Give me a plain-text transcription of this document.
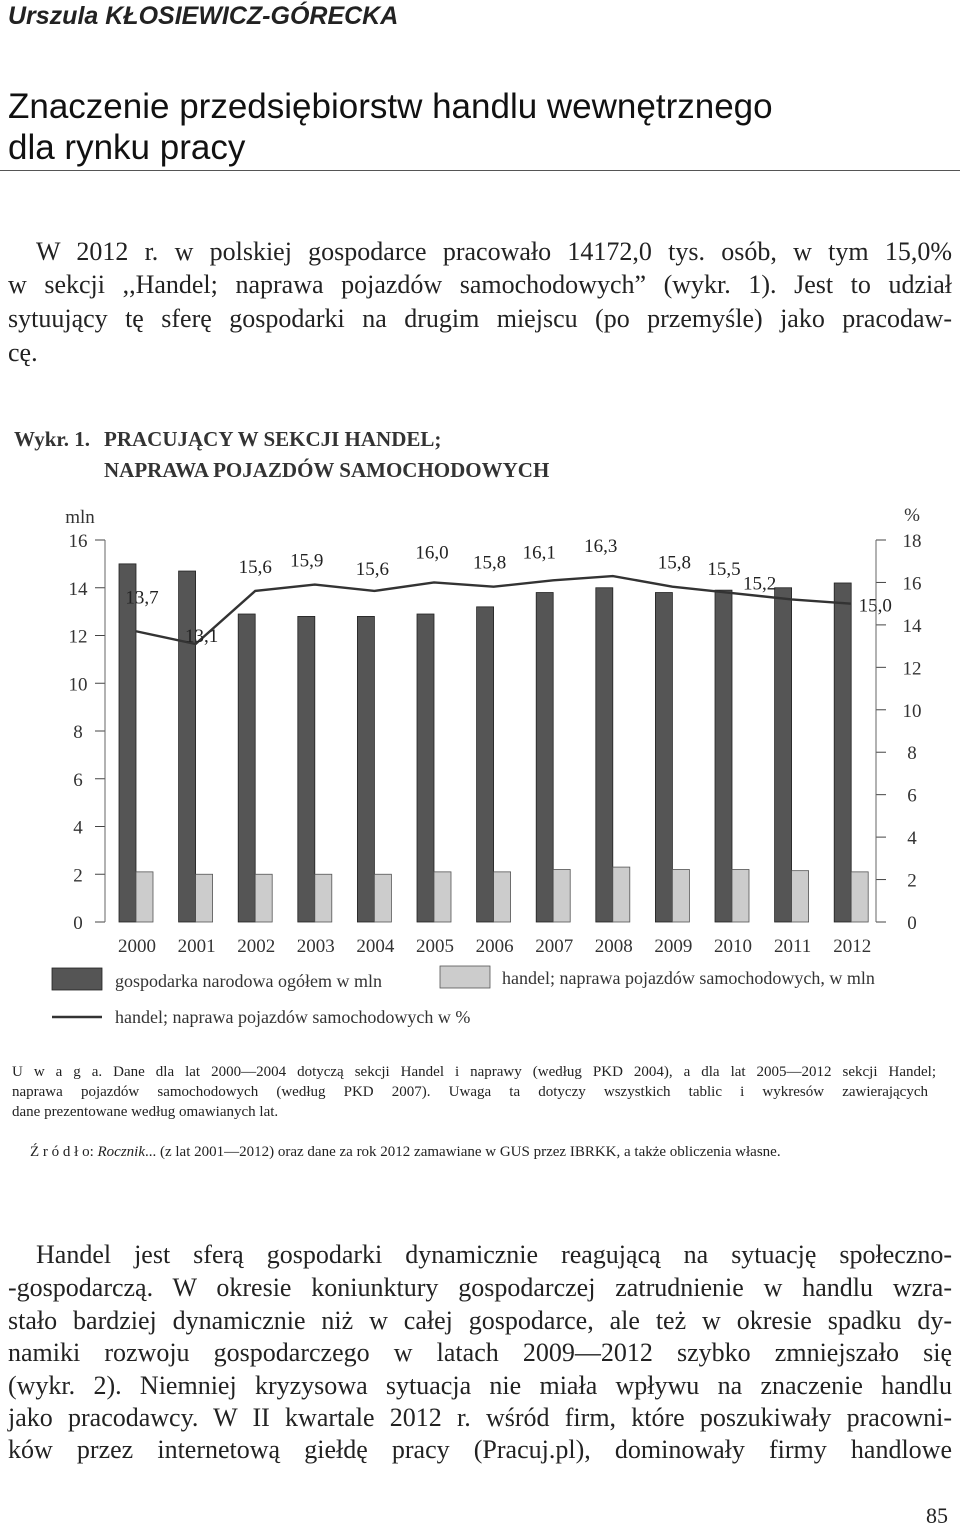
Urszula KŁOSIEWICZ-GÓRECKA
Znaczenie przedsiębiorstw handlu wewnętrznego
dla rynku pracy
W 2012 r. w polskiej gospodarce pracowało 14172,0 tys. osób, w tym 15,0%
w sekcji ,,Handel; naprawa pojazdów samochodowych” (wykr. 1). Jest to udział
sytuujący tę sferę gospodarki na drugim miejscu (po przemyśle) jako pracodaw-
cę.
Wykr. 1. PRACUJĄCY W SEKCJI HANDEL;
NAPRAWA POJAZDÓW SAMOCHODOWYCH
13,7
13,1
15,6 15,9 15,6
16,0 15,8 16,1 16,3
15,8 15,5
15,2
15,0
mln
0
2
4
6
8
10
12
14
16
%
0
2
4
6
8
10
12
14
16
18
2000 2001 2002 2003 2004 2005 2006 2007 2008 2009 2010 2011 2012
gospodarka narodowa ogółem w mln	handel; naprawa pojazdów samochodowych, w mln
handel; naprawa pojazdów samochodowych w %
U w a g a. Dane dla lat 2000—2004 dotyczą sekcji Handel i naprawy (według PKD 2004), a dla lat 2005—2012 sekcji Handel;
naprawa pojazdów samochodowych (według PKD 2007). Uwaga ta dotyczy wszystkich tablic i wykresów zawierających
dane prezentowane według omawianych lat.
Ź r ó d ł o: Rocznik... (z lat 2001—2012) oraz dane za rok 2012 zamawiane w GUS przez IBRKK, a także obliczenia własne.
Handel jest sferą gospodarki dynamicznie reagującą na sytuację społeczno-
-gospodarczą. W okresie koniunktury gospodarczej zatrudnienie w handlu wzra-
stało bardziej dynamicznie niż w całej gospodarce, ale też w okresie spadku dy-
namiki rozwoju gospodarczego w latach 2009—2012 szybko zmniejszało się
(wykr. 2). Niemniej kryzysowa sytuacja nie miała wpływu na znaczenie handlu
jako pracodawcy. W II kwartale 2012 r. wśród firm, które poszukiwały pracowni-
ków przez internetową giełdę pracy (Pracuj.pl), dominowały firmy handlowe
85
